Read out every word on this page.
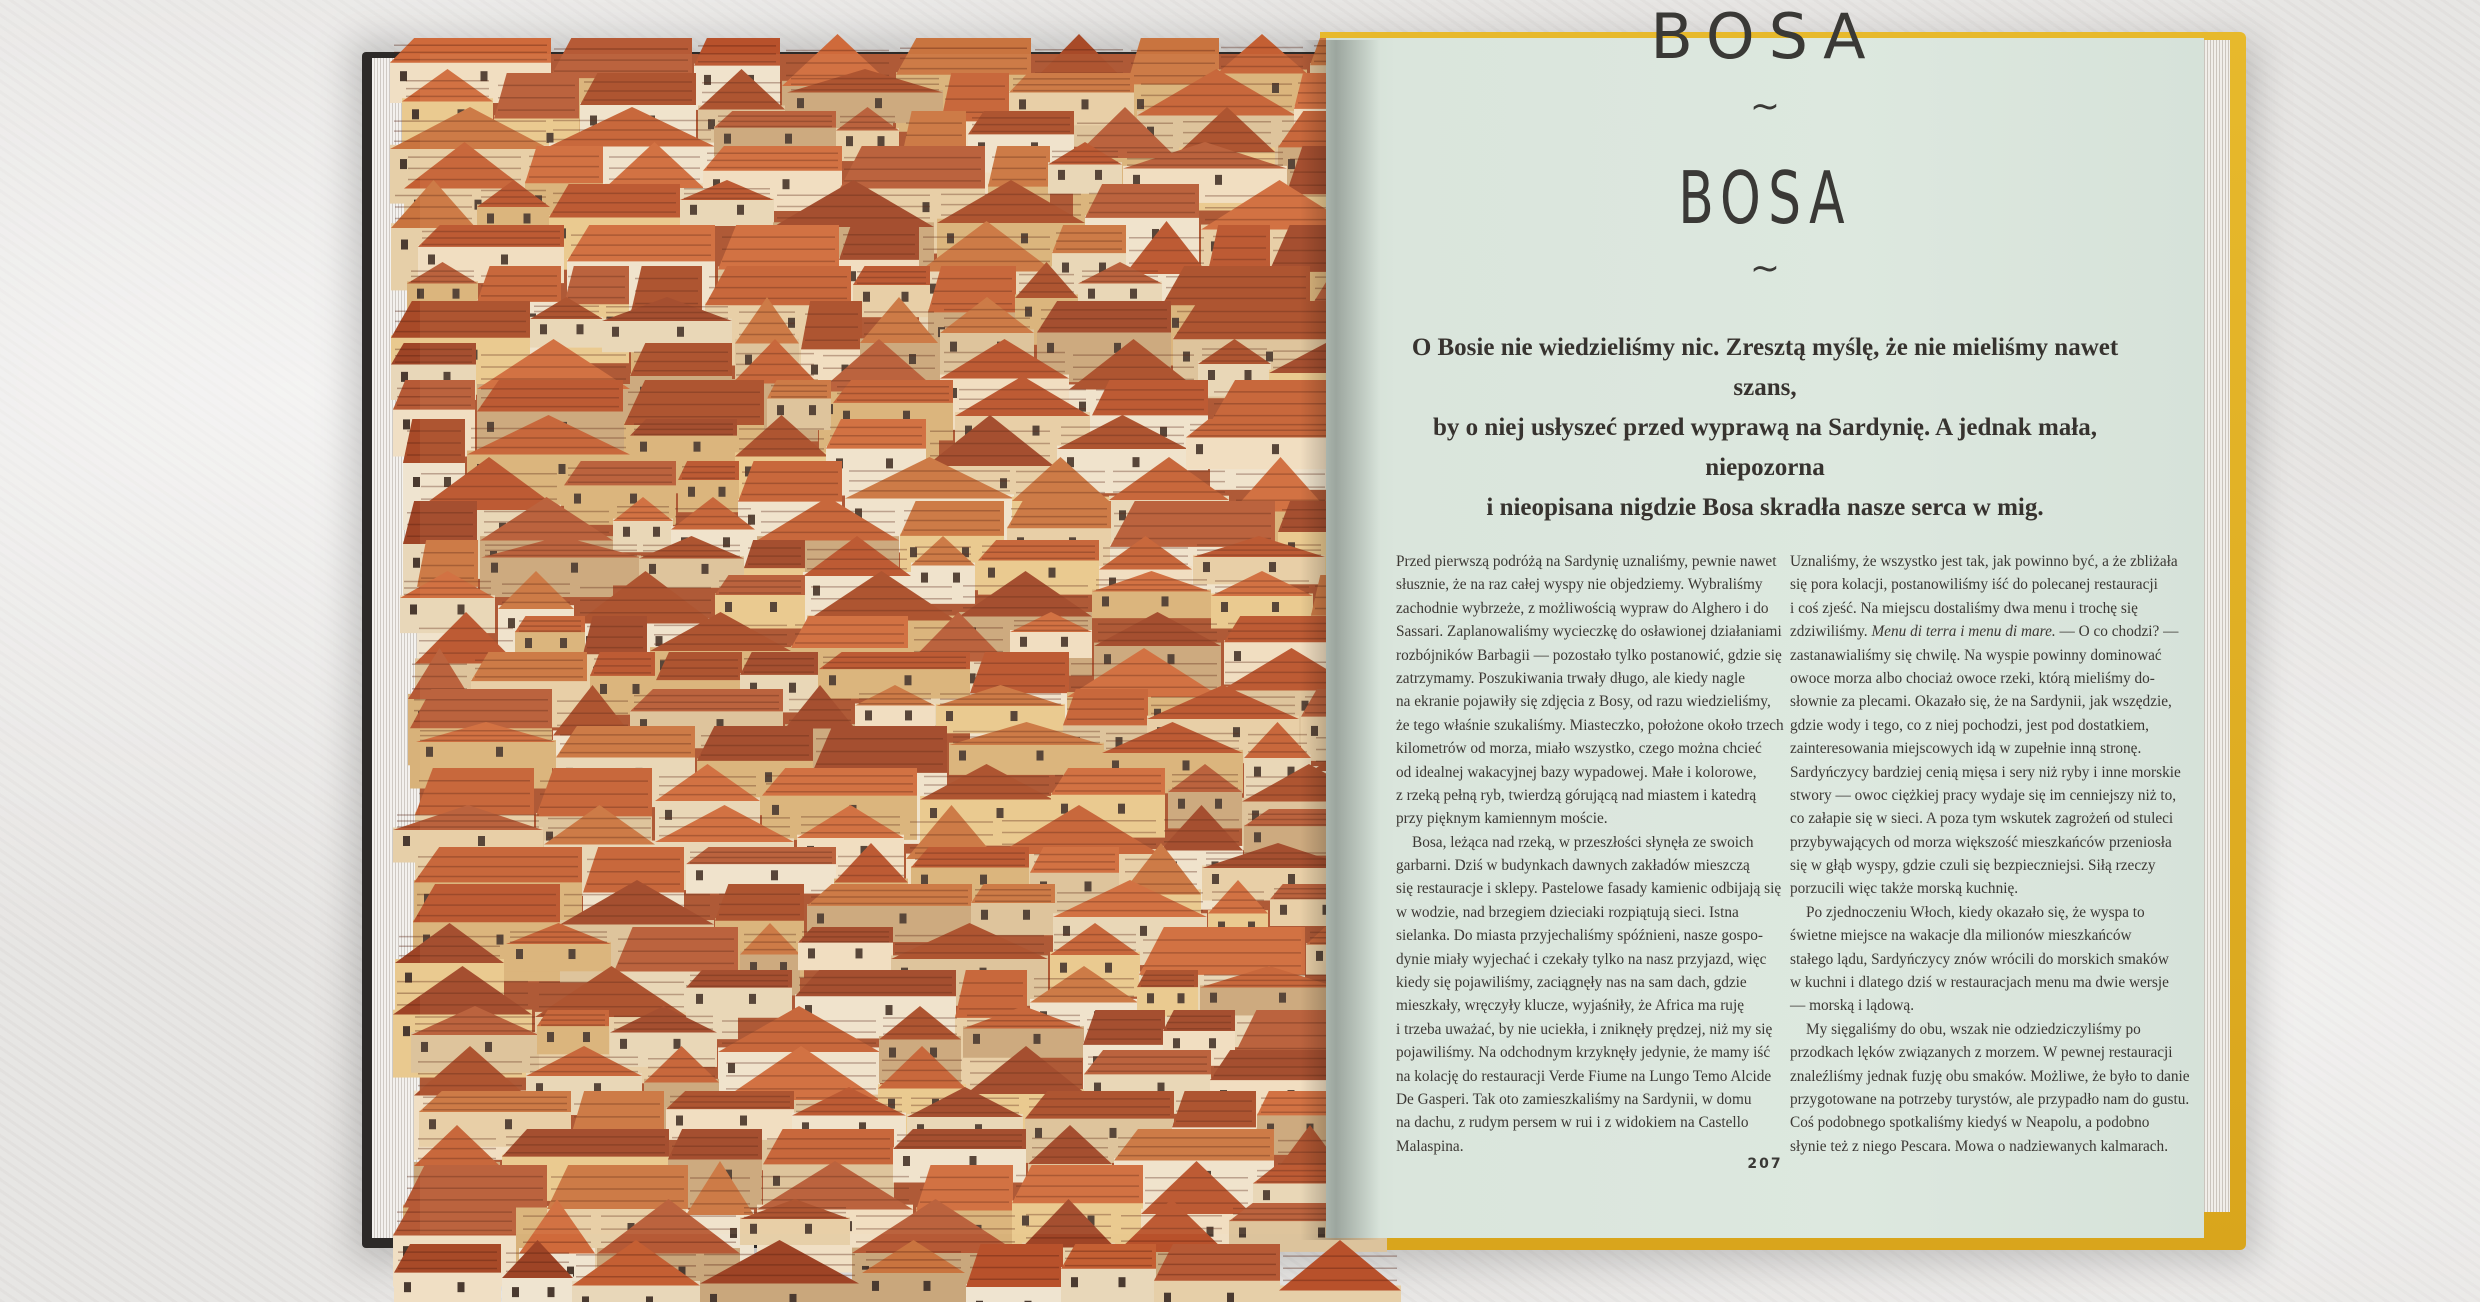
BOSA
~
BOSA
~
O Bosie nie wiedzieliśmy nic. Zresztą myślę, że nie mieliśmy nawet szans,
by o niej usłyszeć przed wyprawą na Sardynię. A jednak mała, niepozorna
i nieopisana nigdzie Bosa skradła nasze serca w mig.
Przed pierwszą podróżą na Sardynię uznaliśmy, pewnie nawet
słusznie, że na raz całej wyspy nie objedziemy. Wybraliśmy
zachodnie wybrzeże, z możliwością wypraw do Alghero i do
Sassari. Zaplanowaliśmy wycieczkę do osławionej działaniami
rozbójników Barbagii — pozostało tylko postanowić, gdzie się
zatrzymamy. Poszukiwania trwały długo, ale kiedy nagle
na ekranie pojawiły się zdjęcia z Bosy, od razu wiedzieliśmy,
że tego właśnie szukaliśmy. Miasteczko, położone około trzech
kilometrów od morza, miało wszystko, czego można chcieć
od idealnej wakacyjnej bazy wypadowej. Małe i kolorowe,
z rzeką pełną ryb, twierdzą górującą nad miastem i katedrą
przy pięknym kamiennym moście.
Bosa, leżąca nad rzeką, w przeszłości słynęła ze swoich
garbarni. Dziś w budynkach dawnych zakładów mieszczą
się restauracje i sklepy. Pastelowe fasady kamienic odbijają się
w wodzie, nad brzegiem dzieciaki rozpiątują sieci. Istna
sielanka. Do miasta przyjechaliśmy spóźnieni, nasze gospo-
dynie miały wyjechać i czekały tylko na nasz przyjazd, więc
kiedy się pojawiliśmy, zaciągnęły nas na sam dach, gdzie
mieszkały, wręczyły klucze, wyjaśniły, że Africa ma ruję
i trzeba uważać, by nie uciekła, i zniknęły prędzej, niż my się
pojawiliśmy. Na odchodnym krzyknęły jedynie, że mamy iść
na kolację do restauracji Verde Fiume na Lungo Temo Alcide
De Gasperi. Tak oto zamieszkaliśmy na Sardynii, w domu
na dachu, z rudym persem w rui i z widokiem na Castello
Malaspina.
Uznaliśmy, że wszystko jest tak, jak powinno być, a że zbliżała
się pora kolacji, postanowiliśmy iść do polecanej restauracji
i coś zjeść. Na miejscu dostaliśmy dwa menu i trochę się
zdziwiliśmy. Menu di terra i menu di mare. — O co chodzi? —
zastanawialiśmy się chwilę. Na wyspie powinny dominować
owoce morza albo chociaż owoce rzeki, którą mieliśmy do-
słownie za plecami. Okazało się, że na Sardynii, jak wszędzie,
gdzie wody i tego, co z niej pochodzi, jest pod dostatkiem,
zainteresowania miejscowych idą w zupełnie inną stronę.
Sardyńczycy bardziej cenią mięsa i sery niż ryby i inne morskie
stwory — owoc ciężkiej pracy wydaje się im cenniejszy niż to,
co załapie się w sieci. A poza tym wskutek zagrożeń od stuleci
przybywających od morza większość mieszkańców przeniosła
się w głąb wyspy, gdzie czuli się bezpieczniejsi. Siłą rzeczy
porzucili więc także morską kuchnię.
Po zjednoczeniu Włoch, kiedy okazało się, że wyspa to
świetne miejsce na wakacje dla milionów mieszkańców
stałego lądu, Sardyńczycy znów wrócili do morskich smaków
w kuchni i dlatego dziś w restauracjach menu ma dwie wersje
— morską i lądową.
My sięgaliśmy do obu, wszak nie odziedziczyliśmy po
przodkach lęków związanych z morzem. W pewnej restauracji
znaleźliśmy jednak fuzję obu smaków. Możliwe, że było to danie
przygotowane na potrzeby turystów, ale przypadło nam do gustu.
Coś podobnego spotkaliśmy kiedyś w Neapolu, a podobno
słynie też z niego Pescara. Mowa o nadziewanych kalmarach.
207
